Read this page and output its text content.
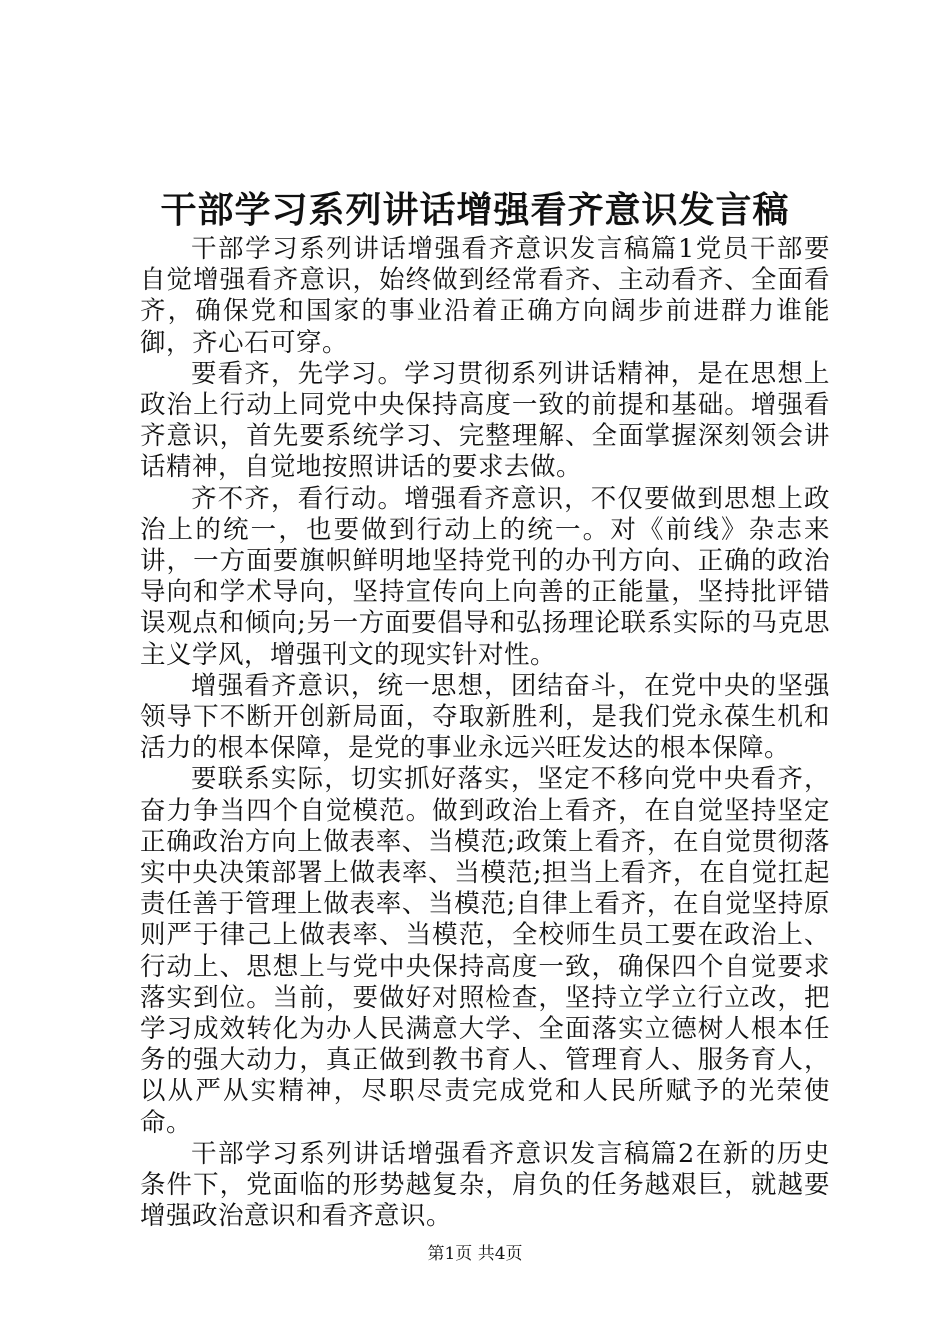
干部学习系列讲话增强看齐意识发言稿

干部学习系列讲话增强看齐意识发言稿篇1党员干部要自觉增强看齐意识，始终做到经常看齐、主动看齐、全面看齐，确保党和国家的事业沿着正确方向阔步前进群力谁能御，齐心石可穿。

要看齐，先学习。学习贯彻系列讲话精神，是在思想上政治上行动上同党中央保持高度一致的前提和基础。增强看齐意识，首先要系统学习、完整理解、全面掌握深刻领会讲话精神，自觉地按照讲话的要求去做。

齐不齐，看行动。增强看齐意识，不仅要做到思想上政治上的统一，也要做到行动上的统一。对《前线》杂志来讲，一方面要旗帜鲜明地坚持党刊的办刊方向、正确的政治导向和学术导向，坚持宣传向上向善的正能量，坚持批评错误观点和倾向;另一方面要倡导和弘扬理论联系实际的马克思主义学风，增强刊文的现实针对性。

增强看齐意识，统一思想，团结奋斗，在党中央的坚强领导下不断开创新局面，夺取新胜利，是我们党永葆生机和活力的根本保障，是党的事业永远兴旺发达的根本保障。

要联系实际，切实抓好落实，坚定不移向党中央看齐，奋力争当四个自觉模范。做到政治上看齐，在自觉坚持坚定正确政治方向上做表率、当模范;政策上看齐，在自觉贯彻落实中央决策部署上做表率、当模范;担当上看齐，在自觉扛起责任善于管理上做表率、当模范;自律上看齐，在自觉坚持原则严于律己上做表率、当模范，全校师生员工要在政治上、行动上、思想上与党中央保持高度一致，确保四个自觉要求落实到位。当前，要做好对照检查，坚持立学立行立改，把学习成效转化为办人民满意大学、全面落实立德树人根本任务的强大动力，真正做到教书育人、管理育人、服务育人，以从严从实精神，尽职尽责完成党和人民所赋予的光荣使命。

干部学习系列讲话增强看齐意识发言稿篇2在新的历史条件下，党面临的形势越复杂，肩负的任务越艰巨，就越要增强政治意识和看齐意识。

第1页 共4页
